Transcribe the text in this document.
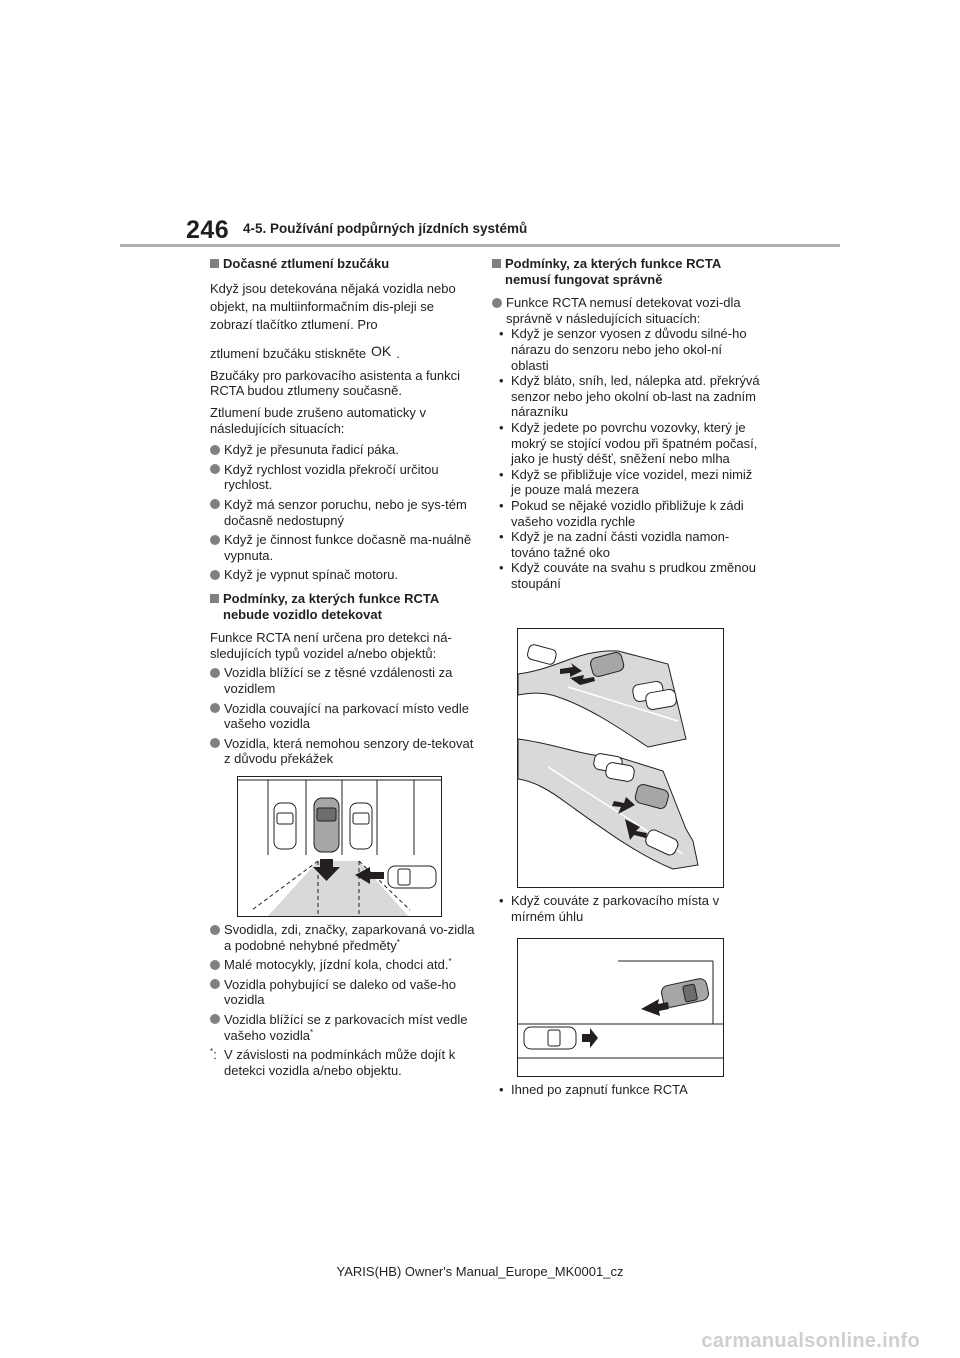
246 4-5. Používání podpůrných jízdních systémů

Dočasné ztlumení bzučáku

Když jsou detekována nějaká vozidla nebo objekt, na multiinformačním dis-pleji se zobrazí tlačítko ztlumení. Pro

ztlumení bzučáku stiskněte OK .

Bzučáky pro parkovacího asistenta a funkci RCTA budou ztlumeny současně.

Ztlumení bude zrušeno automaticky v následujících situacích:

Když je přesunuta řadicí páka.

Když rychlost vozidla překročí určitou rychlost.

Když má senzor poruchu, nebo je sys-tém dočasně nedostupný

Když je činnost funkce dočasně ma-nuálně vypnuta.

Když je vypnut spínač motoru.

Podmínky, za kterých funkce RCTA nebude vozidlo detekovat

Funkce RCTA není určena pro detekci ná-sledujících typů vozidel a/nebo objektů:

Vozidla blížící se z těsné vzdálenosti za vozidlem

Vozidla couvající na parkovací místo vedle vašeho vozidla

Vozidla, která nemohou senzory de-tekovat z důvodu překážek

Svodidla, zdi, značky, zaparkovaná vo-zidla a podobné nehybné předměty*

Malé motocykly, jízdní kola, chodci atd.*

Vozidla pohybující se daleko od vaše-ho vozidla

Vozidla blížící se z parkovacích míst vedle vašeho vozidla*

*: V závislosti na podmínkách může dojít k detekci vozidla a/nebo objektu.

Podmínky, za kterých funkce RCTA nemusí fungovat správně

Funkce RCTA nemusí detekovat vozi-dla správně v následujících situacích:

• Když je senzor vyosen z důvodu silné-ho nárazu do senzoru nebo jeho okol-ní oblasti

• Když bláto, sníh, led, nálepka atd. překrývá senzor nebo jeho okolní ob-last na zadním nárazníku

• Když jedete po povrchu vozovky, který je mokrý se stojící vodou při špatném počasí, jako je hustý déšť, sněžení nebo mlha

• Když se přibližuje více vozidel, mezi nimiž je pouze malá mezera

• Pokud se nějaké vozidlo přibližuje k zádi vašeho vozidla rychle

• Když je na zadní části vozidla namon-továno tažné oko

• Když couváte na svahu s prudkou změnou stoupání

• Když couváte z parkovacího místa v mírném úhlu

• Ihned po zapnutí funkce RCTA

YARIS(HB) Owner's Manual_Europe_MK0001_cz
carmanualsonline.info
